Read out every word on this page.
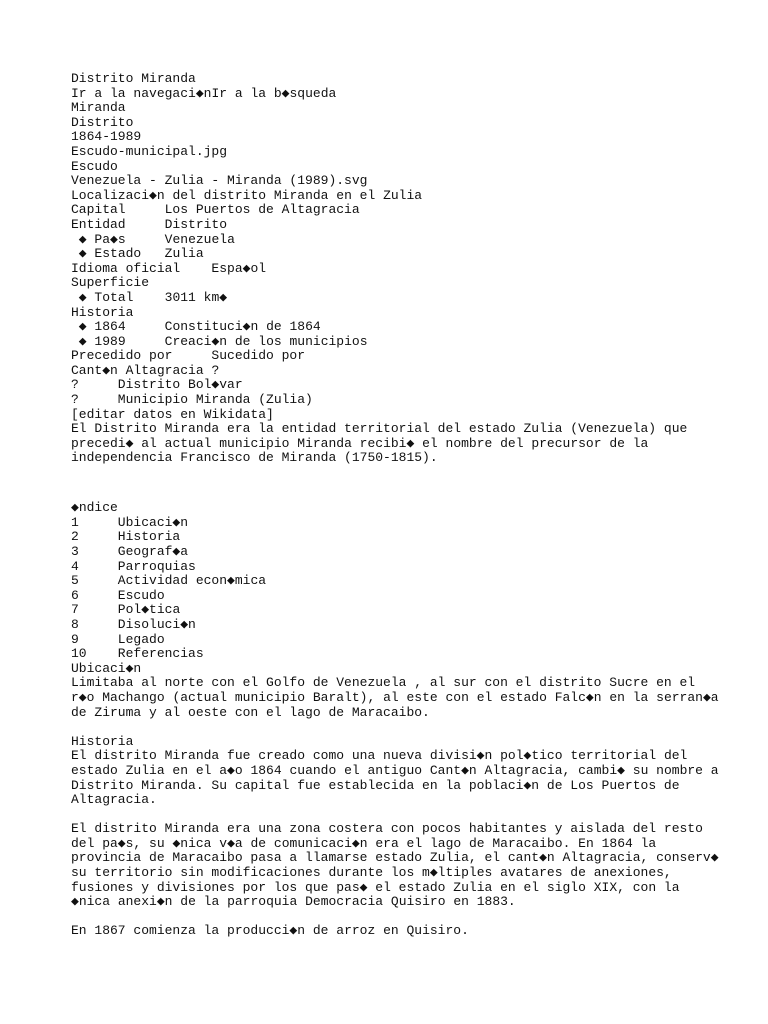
Distrito Miranda
Ir a la navegaci◆nIr a la b◆squeda
Miranda
Distrito
1864-1989
Escudo-municipal.jpg
Escudo
Venezuela - Zulia - Miranda (1989).svg
Localizaci◆n del distrito Miranda en el Zulia
Capital     Los Puertos de Altagracia
Entidad     Distrito
◆ Pa◆s     Venezuela
◆ Estado   Zulia
Idioma oficial    Espa◆ol
Superficie
◆ Total    3011 km◆
Historia
◆ 1864     Constituci◆n de 1864
◆ 1989     Creaci◆n de los municipios
Precedido por     Sucedido por
Cant◆n Altagracia ?
?     Distrito Bol◆var
?     Municipio Miranda (Zulia)
[editar datos en Wikidata]
El Distrito Miranda era la entidad territorial del estado Zulia (Venezuela) que
precedi◆ al actual municipio Miranda recibi◆ el nombre del precursor de la
independencia Francisco de Miranda (1750-1815).
◆ndice
1     Ubicaci◆n
2     Historia
3     Geograf◆a
4     Parroquias
5     Actividad econ◆mica
6     Escudo
7     Pol◆tica
8     Disoluci◆n
9     Legado
10    Referencias
Ubicaci◆n
Limitaba al norte con el Golfo de Venezuela , al sur con el distrito Sucre en el
r◆o Machango (actual municipio Baralt), al este con el estado Falc◆n en la serran◆a
de Ziruma y al oeste con el lago de Maracaibo.
Historia
El distrito Miranda fue creado como una nueva divisi◆n pol◆tico territorial del
estado Zulia en el a◆o 1864 cuando el antiguo Cant◆n Altagracia, cambi◆ su nombre a
Distrito Miranda. Su capital fue establecida en la poblaci◆n de Los Puertos de
Altagracia.
El distrito Miranda era una zona costera con pocos habitantes y aislada del resto
del pa◆s, su ◆nica v◆a de comunicaci◆n era el lago de Maracaibo. En 1864 la
provincia de Maracaibo pasa a llamarse estado Zulia, el cant◆n Altagracia, conserv◆
su territorio sin modificaciones durante los m◆ltiples avatares de anexiones,
fusiones y divisiones por los que pas◆ el estado Zulia en el siglo XIX, con la
◆nica anexi◆n de la parroquia Democracia Quisiro en 1883.
En 1867 comienza la producci◆n de arroz en Quisiro.
